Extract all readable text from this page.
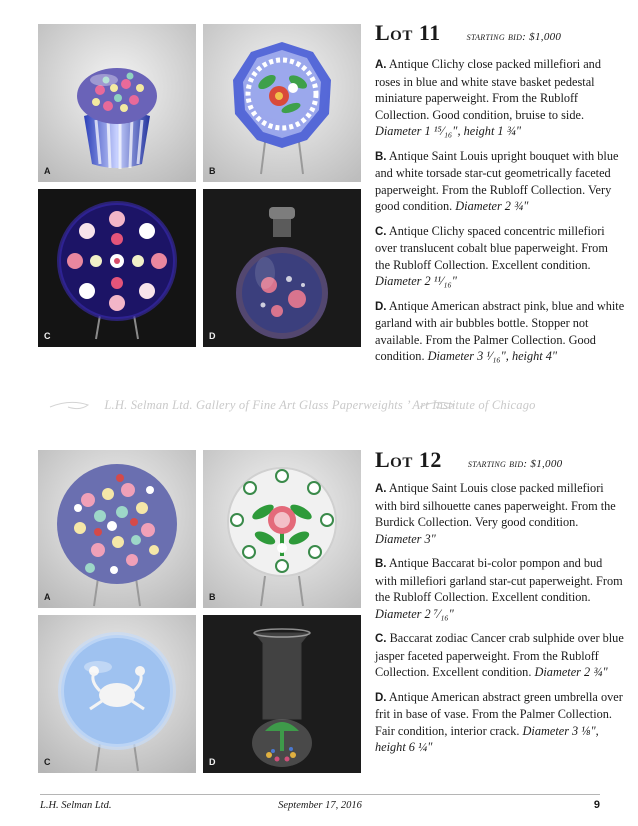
A	B
C	D
Lot 11 starting bid: $1,000

A. Antique Clichy close packed millefiori and roses in blue and white stave basket pedestal miniature paperweight. From the Rubloff Collection. Good condition, bruise to side. Diameter 1 ¹⁵⁄₁₆", height 1 ¾"

B. Antique Saint Louis upright bouquet with blue and white torsade star-cut geometrically faceted paperweight. From the Rubloff Collection. Very good condition. Diameter 2 ¾"

C. Antique Clichy spaced concentric millefiori over translucent cobalt blue paperweight. From the Rubloff Collection. Excellent condition. Diameter 2 ¹¹⁄₁₆"

D. Antique American abstract pink, blue and white garland with air bubbles bottle. Stopper not available. From the Palmer Collection. Good condition. Diameter 3 ¹⁄₁₆", height 4"

L.H. Selman Ltd. Gallery of Fine Art Glass Paperweights ’ Art Institute of Chicago
A	B
C	D
Lot 12 starting bid: $1,000

A. Antique Saint Louis close packed millefiori with bird silhouette canes paperweight. From the Burdick Collection. Very good condition. Diameter 3"

B. Antique Baccarat bi-color pompon and bud with millefiori garland star-cut paperweight. From the Rubloff Collection. Excellent condition. Diameter 2 ⁷⁄₁₆"

C. Baccarat zodiac Cancer crab sulphide over blue jasper faceted paperweight. From the Rubloff Collection. Excellent condition. Diameter 2 ¾"

D. Antique American abstract green umbrella over frit in base of vase. From the Palmer Collection. Fair condition, interior crack. Diameter 3 ⅛", height 6 ¼"

L.H. Selman Ltd.	September 17, 2016	9
